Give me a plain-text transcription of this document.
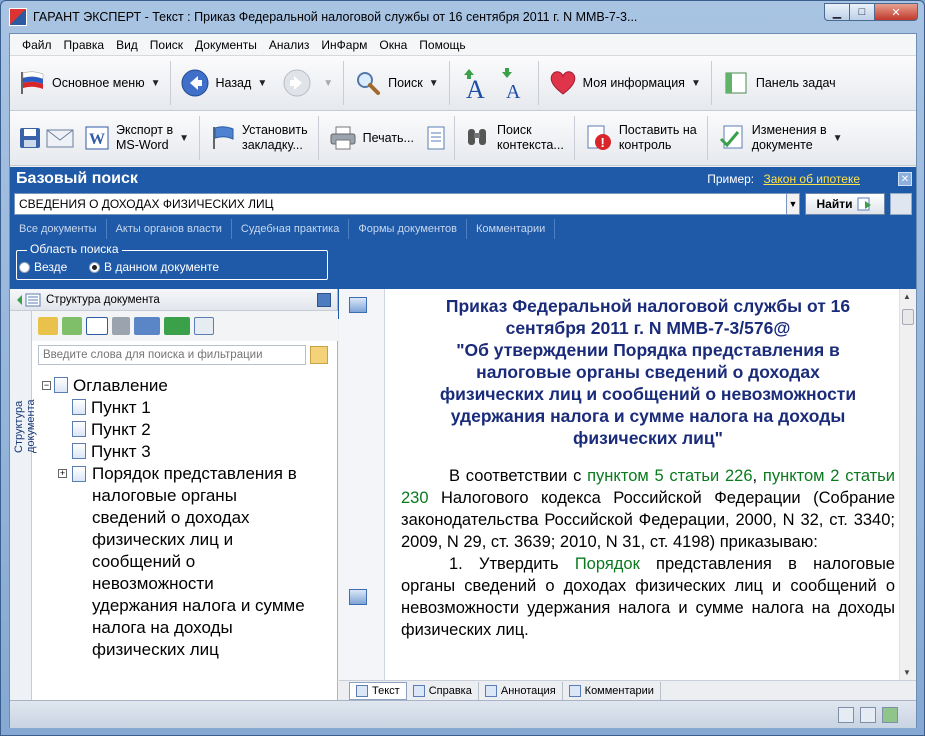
ГАРАНТ ЭКСПЕРТ - Текст : Приказ Федеральной налоговой службы от 16 сентября 2011 г. N ММВ-7-3...	▁	□	✕
Файл	Правка	Вид	Поиск	Документы	Анализ	ИнФарм	Окна	Помощь
Основное меню ▼	Назад ▼	▼	Поиск ▼ A A	Моя информация ▼	Панель задач
W
Экспорт в
MS-Word	▼
Установить
закладку...
Печать...
Поиск
контекста...	!
Поставить на
контроль
Изменения в
документе	▼
Базовый поиск	Пример: Закон об ипотеке	✕
СВЕДЕНИЯ О ДОХОДАХ ФИЗИЧЕСКИХ ЛИЦ
▼ Найти
Все документы	Акты органов власти	Судебная практика	Формы документов	Комментарии
Область поиска
Везде	В данном документе
Структура документа
Структура документа
Введите слова для поиска и фильтрации
− Оглавление
Пункт 1
Пункт 2
Пункт 3
+ Порядок представления в
налоговые органы
сведений о доходах
физических лиц и
сообщений о
невозможности
удержания налога и сумме
налога на доходы
физических лиц
Приказ Федеральной налоговой службы от 16
сентября 2011 г. N ММВ-7-3/576@
"Об утверждении Порядка представления в
налоговые органы сведений о доходах
физических лиц и сообщений о невозможности
удержания налога и сумме налога на доходы
физических лиц"

В соответствии с пунктом 5 статьи 226, пунктом 2 статьи 230 Налогового кодекса Российской Федерации (Собрание законодательства Российской Федерации, 2000, N 32, ст. 3340; 2009, N 29, ст. 3639; 2010, N 31, ст. 4198) приказываю:

1. Утвердить Порядок представления в налоговые органы сведений о доходах физических лиц и сообщений о невозможности удержания налога и сумме налога на доходы физических лиц.

▲
▼
Текст	Справка	Аннотация	Комментарии
